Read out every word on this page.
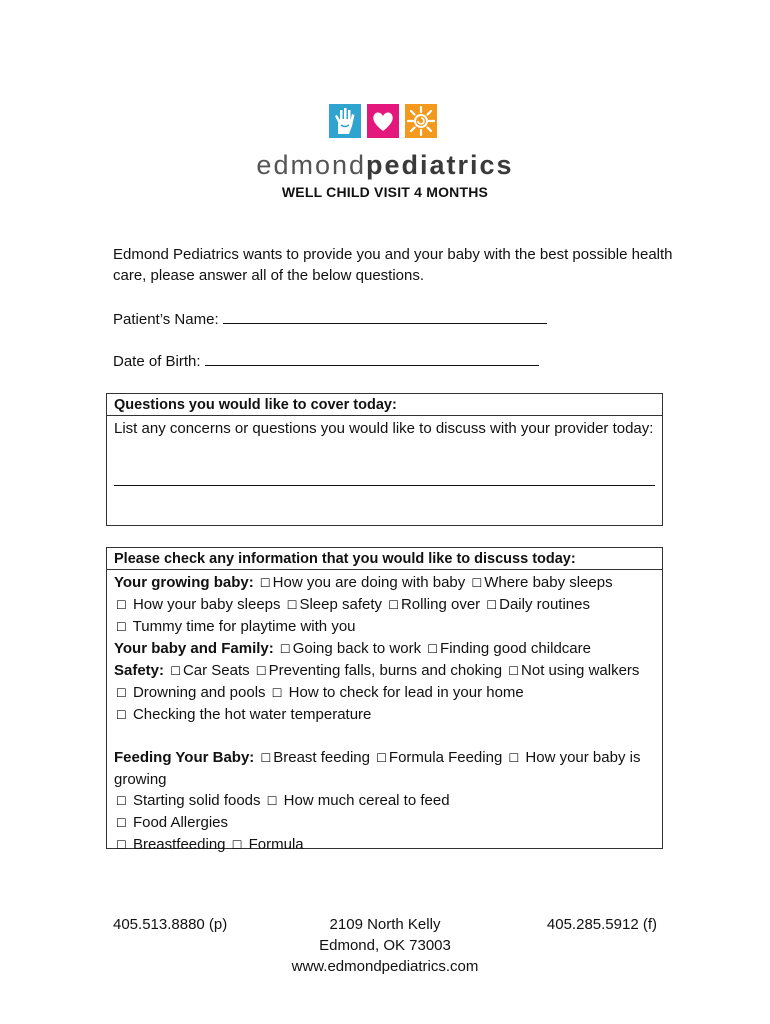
edmondpediatrics
WELL CHILD VISIT 4 MONTHS
Edmond Pediatrics wants to provide you and your baby with the best possible health care, please answer all of the below questions.
Patient’s Name:
Date of Birth:
Questions you would like to cover today:
List any concerns or questions you would like to discuss with your provider today:
Please check any information that you would like to discuss today:
Your growing baby: ☐ How you are doing with baby ☐ Where baby sleeps
☐ How your baby sleeps ☐ Sleep safety ☐ Rolling over ☐ Daily routines
☐ Tummy time for playtime with you
Your baby and Family: ☐ Going back to work ☐ Finding good childcare
Safety: ☐ Car Seats ☐ Preventing falls, burns and choking ☐ Not using walkers
☐ Drowning and pools ☐ How to check for lead in your home
☐ Checking the hot water temperature
Feeding Your Baby: ☐ Breast feeding ☐ Formula Feeding ☐ How your baby is growing
☐ Starting solid foods ☐ How much cereal to feed
☐ Food Allergies
☐ Breastfeeding ☐ Formula
405.513.8880 (p)	2109 North Kelly
Edmond, OK 73003
www.edmondpediatrics.com
405.285.5912 (f)
